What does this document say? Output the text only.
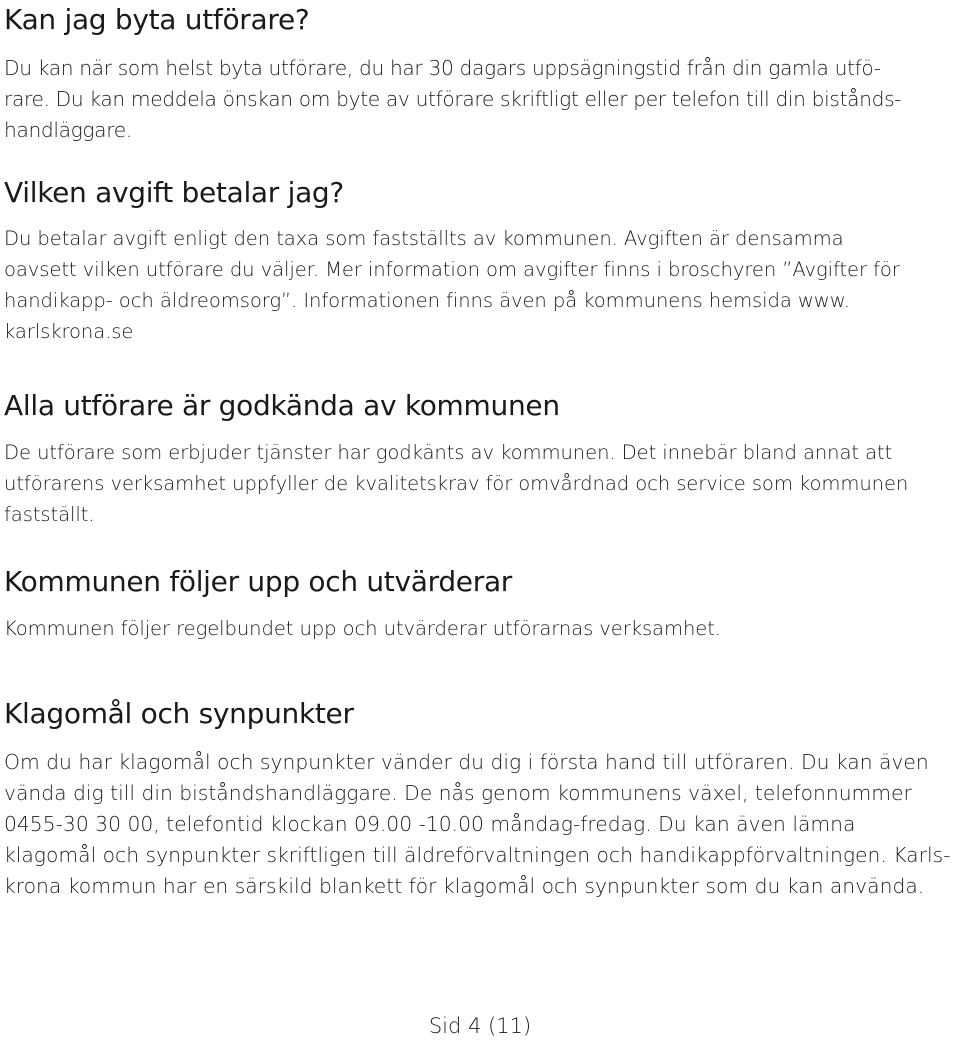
Kan jag byta utförare?

Du kan när som helst byta utförare, du har 30 dagars uppsägningstid från din gamla utfö-
rare. Du kan meddela önskan om byte av utförare skriftligt eller per telefon till din bistånds-
handläggare.

Vilken avgift betalar jag?

Du betalar avgift enligt den taxa som fastställts av kommunen. Avgiften är densamma
oavsett vilken utförare du väljer. Mer information om avgifter finns i broschyren ”Avgifter för
handikapp- och äldreomsorg”. Informationen finns även på kommunens hemsida www.
karlskrona.se

Alla utförare är godkända av kommunen

De utförare som erbjuder tjänster har godkänts av kommunen. Det innebär bland annat att
utförarens verksamhet uppfyller de kvalitetskrav för omvårdnad och service som kommunen
fastställt.

Kommunen följer upp och utvärderar

Kommunen följer regelbundet upp och utvärderar utförarnas verksamhet.

Klagomål och synpunkter

Om du har klagomål och synpunkter vänder du dig i första hand till utföraren. Du kan även
vända dig till din biståndshandläggare. De nås genom kommunens växel, telefonnummer
0455-30 30 00, telefontid klockan 09.00 -10.00 måndag-fredag. Du kan även lämna
klagomål och synpunkter skriftligen till äldreförvaltningen och handikappförvaltningen. Karls-
krona kommun har en särskild blankett för klagomål och synpunkter som du kan använda.

Sid 4 (11)
